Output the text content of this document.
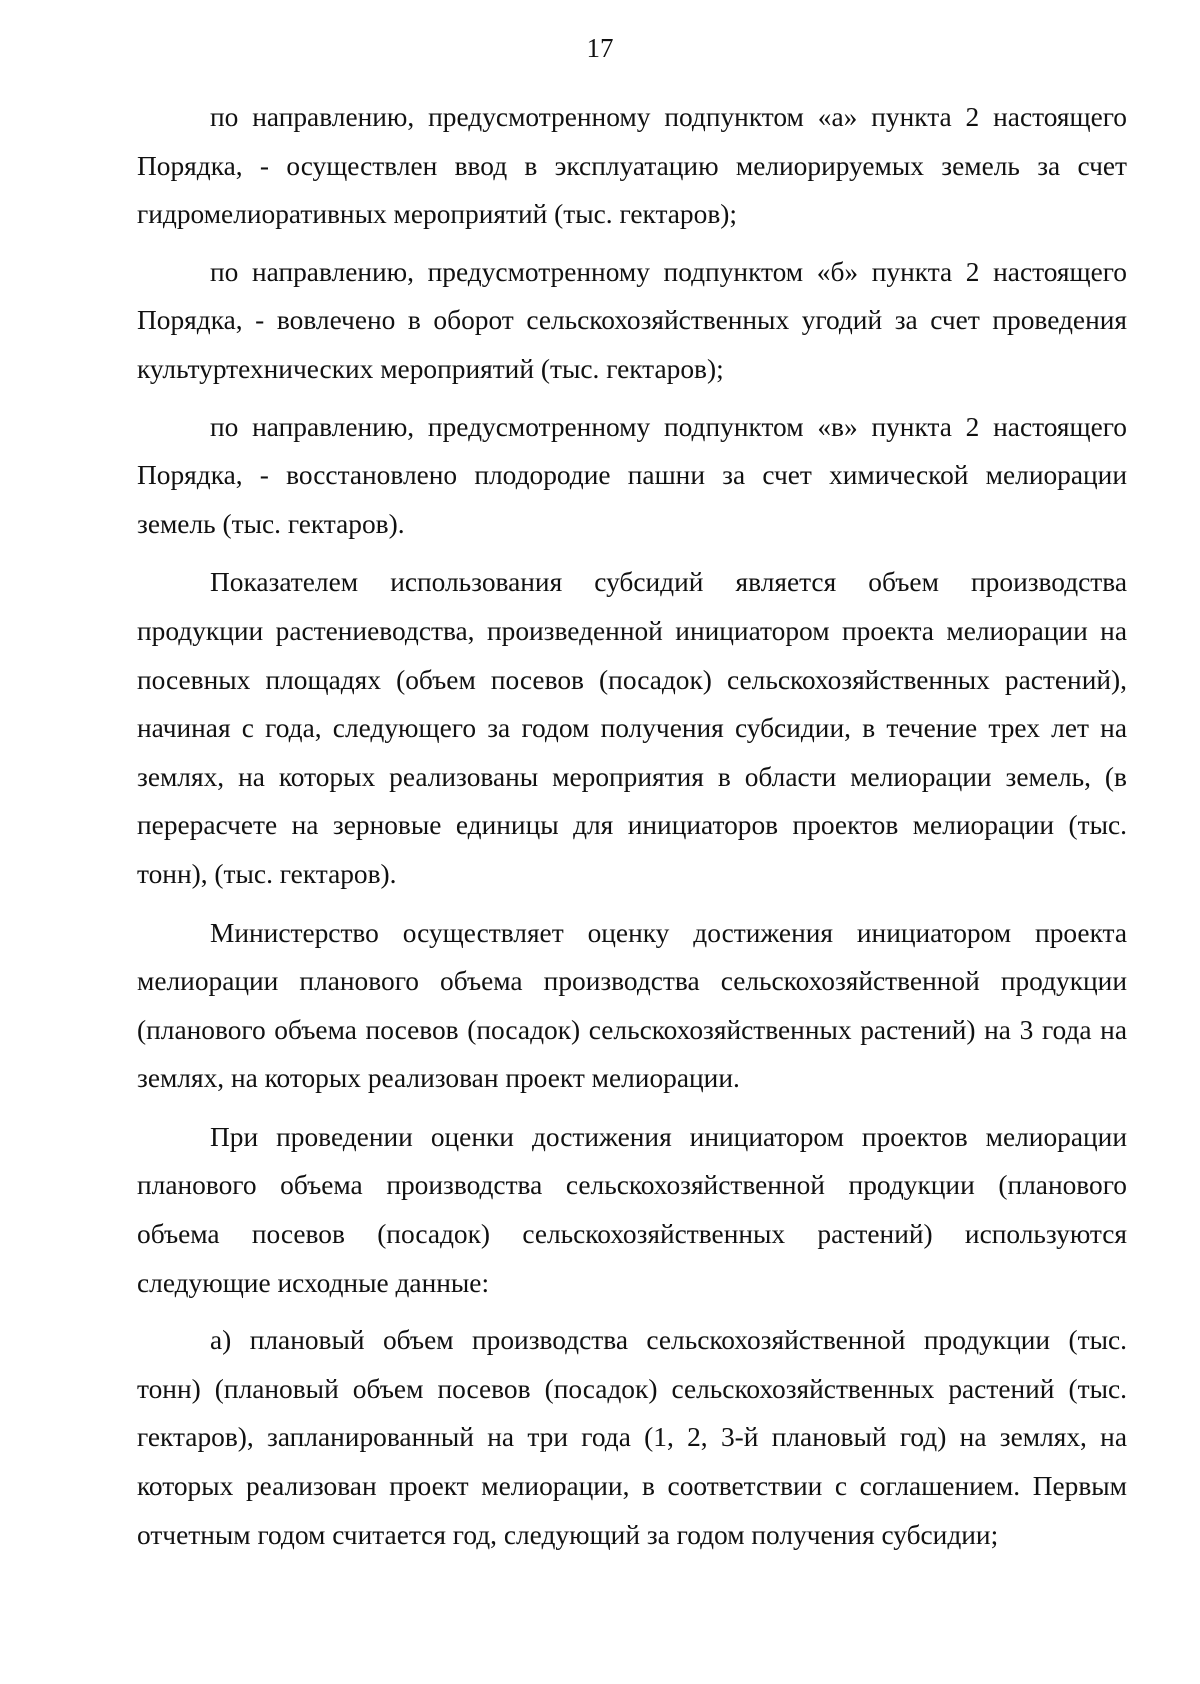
17

по направлению, предусмотренному подпунктом «а» пункта 2 настоящего Порядка, - осуществлен ввод в эксплуатацию мелиорируемых земель за счет гидромелиоративных мероприятий (тыс. гектаров);

по направлению, предусмотренному подпунктом «б» пункта 2 настоящего Порядка, - вовлечено в оборот сельскохозяйственных угодий за счет проведения культуртехнических мероприятий (тыс. гектаров);

по направлению, предусмотренному подпунктом «в» пункта 2 настоящего Порядка, - восстановлено плодородие пашни за счет химической мелиорации земель (тыс. гектаров).

Показателем использования субсидий является объем производства продукции растениеводства, произведенной инициатором проекта мелиорации на посевных площадях (объем посевов (посадок) сельскохозяйственных растений), начиная с года, следующего за годом получения субсидии, в течение трех лет на землях, на которых реализованы мероприятия в области мелиорации земель, (в перерасчете на зерновые единицы для инициаторов проектов мелиорации (тыс. тонн), (тыс. гектаров).

Министерство осуществляет оценку достижения инициатором проекта мелиорации планового объема производства сельскохозяйственной продукции (планового объема посевов (посадок) сельскохозяйственных растений) на 3 года на землях, на которых реализован проект мелиорации.

При проведении оценки достижения инициатором проектов мелиорации планового объема производства сельскохозяйственной продукции (планового объема посевов (посадок) сельскохозяйственных растений) используются следующие исходные данные:

а) плановый объем производства сельскохозяйственной продукции (тыс. тонн) (плановый объем посевов (посадок) сельскохозяйственных растений (тыс. гектаров), запланированный на три года (1, 2, 3-й плановый год) на землях, на которых реализован проект мелиорации, в соответствии с соглашением. Первым отчетным годом считается год, следующий за годом получения субсидии;
